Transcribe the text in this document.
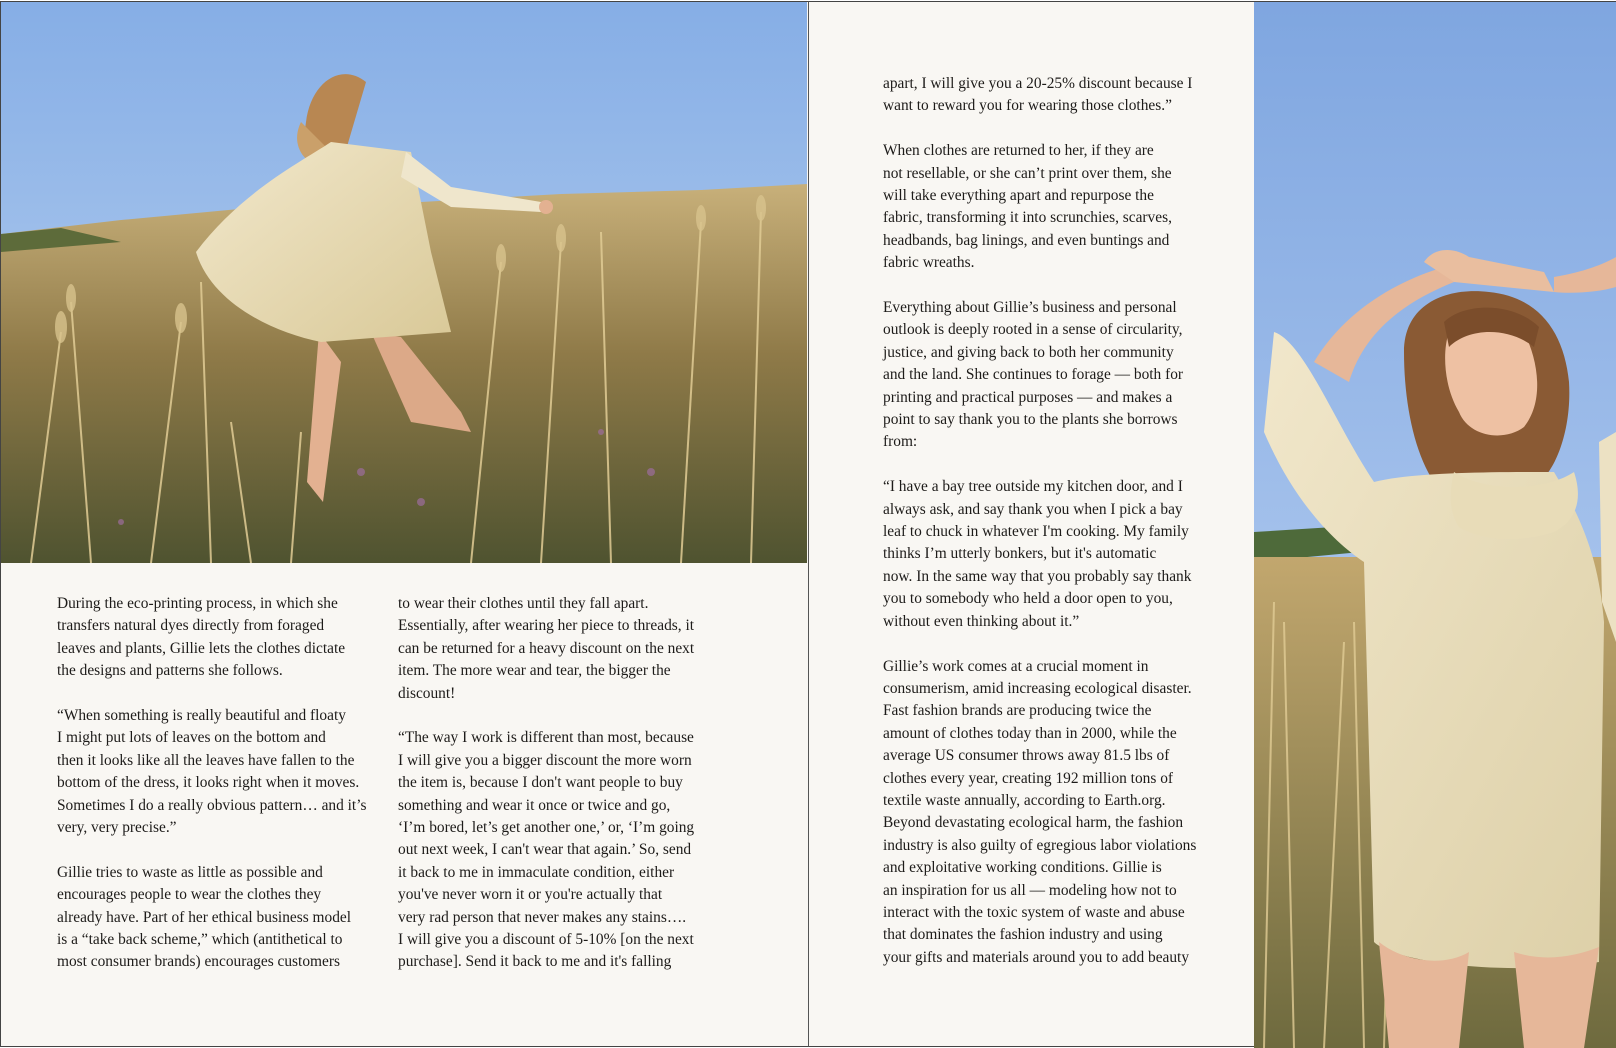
During the eco-printing process, in which she
transfers natural dyes directly from foraged
leaves and plants, Gillie lets the clothes dictate
the designs and patterns she follows.

“When something is really beautiful and floaty
I might put lots of leaves on the bottom and
then it looks like all the leaves have fallen to the
bottom of the dress, it looks right when it moves.
Sometimes I do a really obvious pattern… and it’s
very, very precise.”

Gillie tries to waste as little as possible and
encourages people to wear the clothes they
already have. Part of her ethical business model
is a “take back scheme,” which (antithetical to
most consumer brands) encourages customers

to wear their clothes until they fall apart.
Essentially, after wearing her piece to threads, it
can be returned for a heavy discount on the next
item. The more wear and tear, the bigger the
discount!

“The way I work is different than most, because
I will give you a bigger discount the more worn
the item is, because I don't want people to buy
something and wear it once or twice and go,
‘I’m bored, let’s get another one,’ or, ‘I’m going
out next week, I can't wear that again.’ So, send
it back to me in immaculate condition, either
you've never worn it or you're actually that
very rad person that never makes any stains….
I will give you a discount of 5-10% [on the next
purchase]. Send it back to me and it's falling

apart, I will give you a 20-25% discount because I
want to reward you for wearing those clothes.”

When clothes are returned to her, if they are
not resellable, or she can’t print over them, she
will take everything apart and repurpose the
fabric, transforming it into scrunchies, scarves,
headbands, bag linings, and even buntings and
fabric wreaths.

Everything about Gillie’s business and personal
outlook is deeply rooted in a sense of circularity,
justice, and giving back to both her community
and the land. She continues to forage — both for
printing and practical purposes — and makes a
point to say thank you to the plants she borrows
from:

“I have a bay tree outside my kitchen door, and I
always ask, and say thank you when I pick a bay
leaf to chuck in whatever I'm cooking. My family
thinks I’m utterly bonkers, but it's automatic
now. In the same way that you probably say thank
you to somebody who held a door open to you,
without even thinking about it.”

Gillie’s work comes at a crucial moment in
consumerism, amid increasing ecological disaster.
Fast fashion brands are producing twice the
amount of clothes today than in 2000, while the
average US consumer throws away 81.5 lbs of
clothes every year, creating 192 million tons of
textile waste annually, according to Earth.org.
Beyond devastating ecological harm, the fashion
industry is also guilty of egregious labor violations
and exploitative working conditions. Gillie is
an inspiration for us all — modeling how not to
interact with the toxic system of waste and abuse
that dominates the fashion industry and using
your gifts and materials around you to add beauty
